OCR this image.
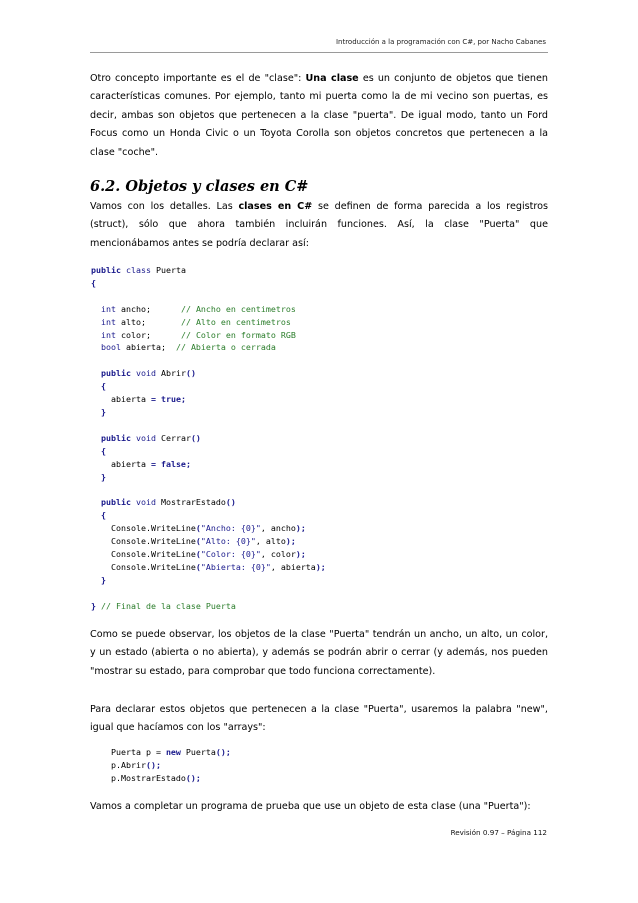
Introducción a la programación con C#, por Nacho Cabanes

Otro concepto importante es el de "clase": Una clase es un conjunto de objetos que tienen características comunes. Por ejemplo, tanto mi puerta como la de mi vecino son puertas, es decir, ambas son objetos que pertenecen a la clase "puerta". De igual modo, tanto un Ford Focus como un Honda Civic o un Toyota Corolla son objetos concretos que pertenecen a la clase "coche".

6.2. Objetos y clases en C#

Vamos con los detalles. Las clases en C# se definen de forma parecida a los registros (struct), sólo que ahora también incluirán funciones. Así, la clase "Puerta" que mencionábamos antes se podría declarar así:

public class Puerta
{

int ancho;	// Ancho en centimetros
int alto;	// Alto en centimetros
int color;	// Color en formato RGB
bool abierta; // Abierta o cerrada

public void Abrir()
{
abierta = true;
}

public void Cerrar()
{
abierta = false;
}

public void MostrarEstado()
{
Console.WriteLine("Ancho: {0}", ancho);
Console.WriteLine("Alto: {0}", alto);
Console.WriteLine("Color: {0}", color);
Console.WriteLine("Abierta: {0}", abierta);
}

} // Final de la clase Puerta

Como se puede observar, los objetos de la clase "Puerta" tendrán un ancho, un alto, un color, y un estado (abierta o no abierta), y además se podrán abrir o cerrar (y además, nos pueden "mostrar su estado, para comprobar que todo funciona correctamente).

Para declarar estos objetos que pertenecen a la clase "Puerta", usaremos la palabra "new", igual que hacíamos con los "arrays":

Puerta p = new Puerta();
p.Abrir();
p.MostrarEstado();

Vamos a completar un programa de prueba que use un objeto de esta clase (una "Puerta"):

Revisión 0.97 – Página 112
